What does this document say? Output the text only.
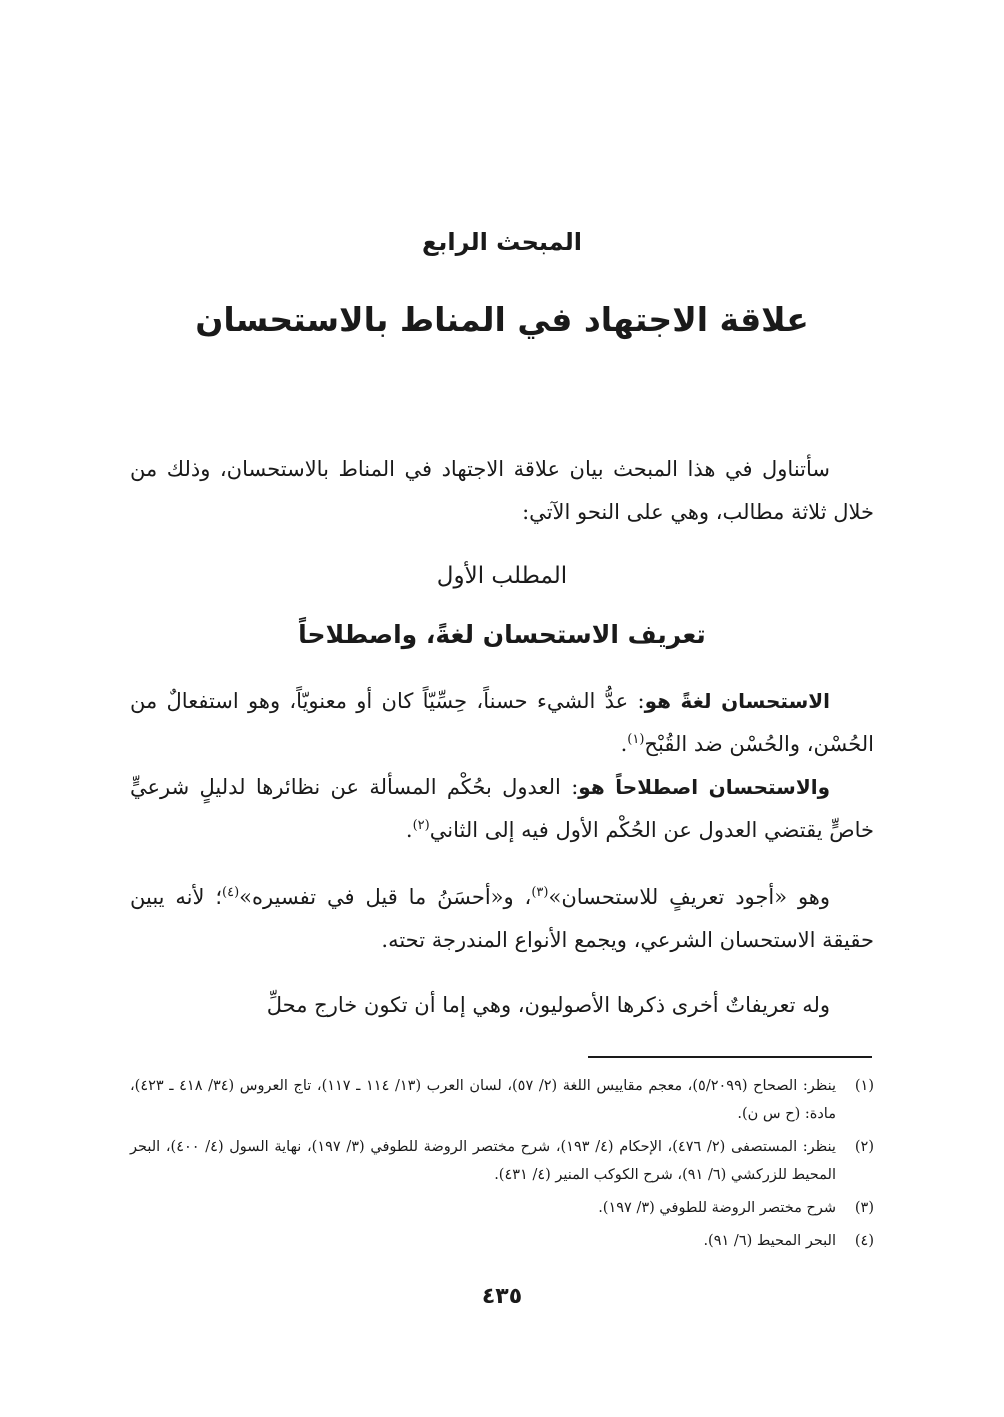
المبحث الرابع
علاقة الاجتهاد في المناط بالاستحسان
سأتناول في هذا المبحث بيان علاقة الاجتهاد في المناط بالاستحسان، وذلك من خلال ثلاثة مطالب، وهي على النحو الآتي:
المطلب الأول
تعريف الاستحسان لغةً، واصطلاحاً
الاستحسان لغةً هو: عدُّ الشيء حسناً، حِسِّيّاً كان أو معنويّاً، وهو استفعالٌ من الحُسْن، والحُسْن ضد القُبْح$^{(١)}$.
والاستحسان اصطلاحاً هو: العدول بحُكْم المسألة عن نظائرها لدليلٍ شرعيٍّ خاصٍّ يقتضي العدول عن الحُكْم الأول فيه إلى الثاني$^{(٢)}$.
وهو «أجود تعريفٍ للاستحسان»$^{(٣)}$، و«أحسَنُ ما قيل في تفسيره»$^{(٤)}$؛ لأنه يبين حقيقة الاستحسان الشرعي، ويجمع الأنواع المندرجة تحته.
وله تعريفاتٌ أخرى ذكرها الأصوليون، وهي إما أن تكون خارج محلِّ
(١)
ينظر: الصحاح (٥/٢٠٩٩)، معجم مقاييس اللغة (٢/ ٥٧)، لسان العرب (١٣/ ١١٤ ـ ١١٧)، تاج العروس (٣٤/ ٤١٨ ـ ٤٢٣)، مادة: (ح س ن).
(٢)
ينظر: المستصفى (٢/ ٤٧٦)، الإحكام (٤/ ١٩٣)، شرح مختصر الروضة للطوفي (٣/ ١٩٧)، نهاية السول (٤/ ٤٠٠)، البحر المحيط للزركشي (٦/ ٩١)، شرح الكوكب المنير (٤/ ٤٣١).
(٣)
شرح مختصر الروضة للطوفي (٣/ ١٩٧).
(٤)
البحر المحيط (٦/ ٩١).
٤٣٥
